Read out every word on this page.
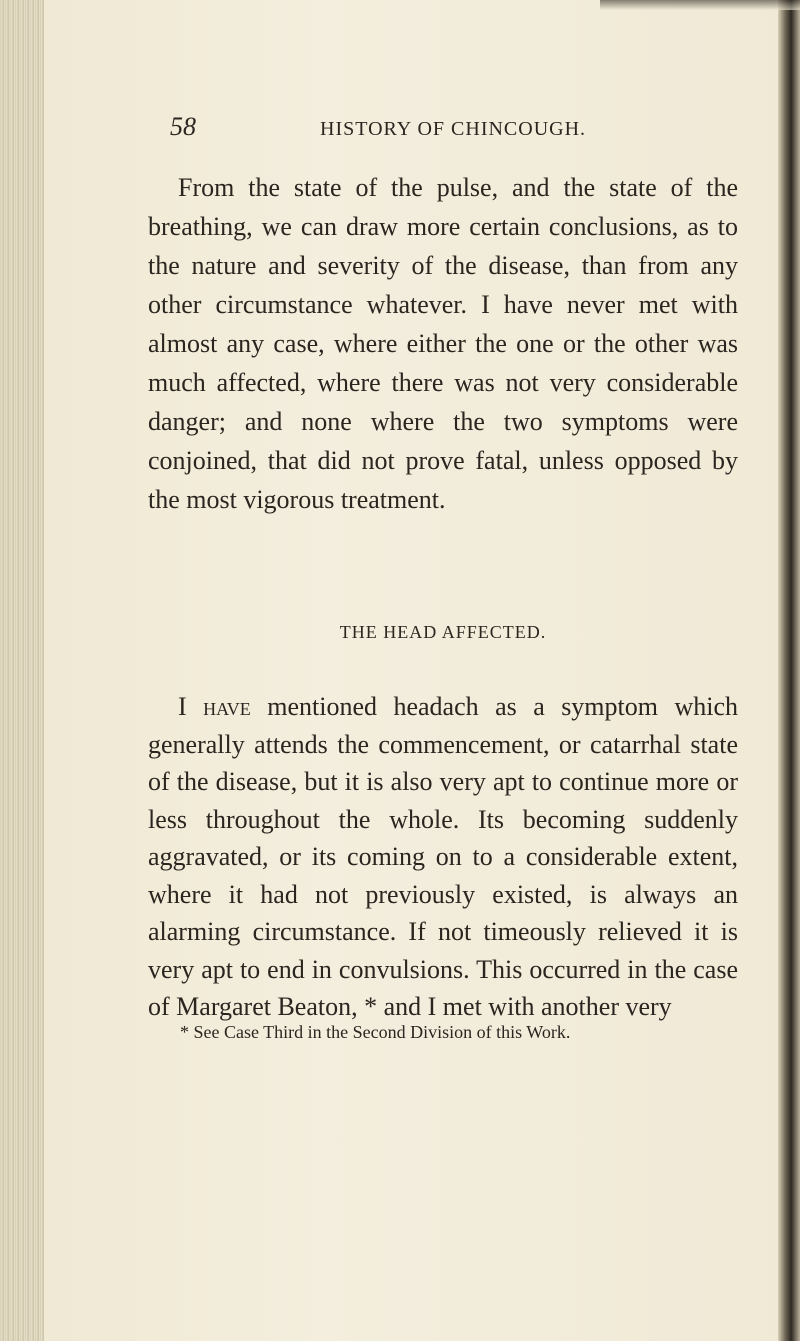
58	HISTORY OF CHINCOUGH.

From the state of the pulse, and the state of the breathing, we can draw more certain conclusions, as to the nature and severity of the disease, than from any other circumstance whatever. I have never met with almost any case, where either the one or the other was much affected, where there was not very considerable danger; and none where the two symptoms were conjoined, that did not prove fatal, unless opposed by the most vigorous treatment.

THE HEAD AFFECTED.

I have mentioned headach as a symptom which generally attends the commencement, or catarrhal state of the disease, but it is also very apt to continue more or less throughout the whole. Its becoming suddenly aggravated, or its coming on to a considerable extent, where it had not previously existed, is always an alarming circumstance. If not timeously relieved it is very apt to end in convulsions. This occurred in the case of Margaret Beaton, * and I met with another very

* See Case Third in the Second Division of this Work.
